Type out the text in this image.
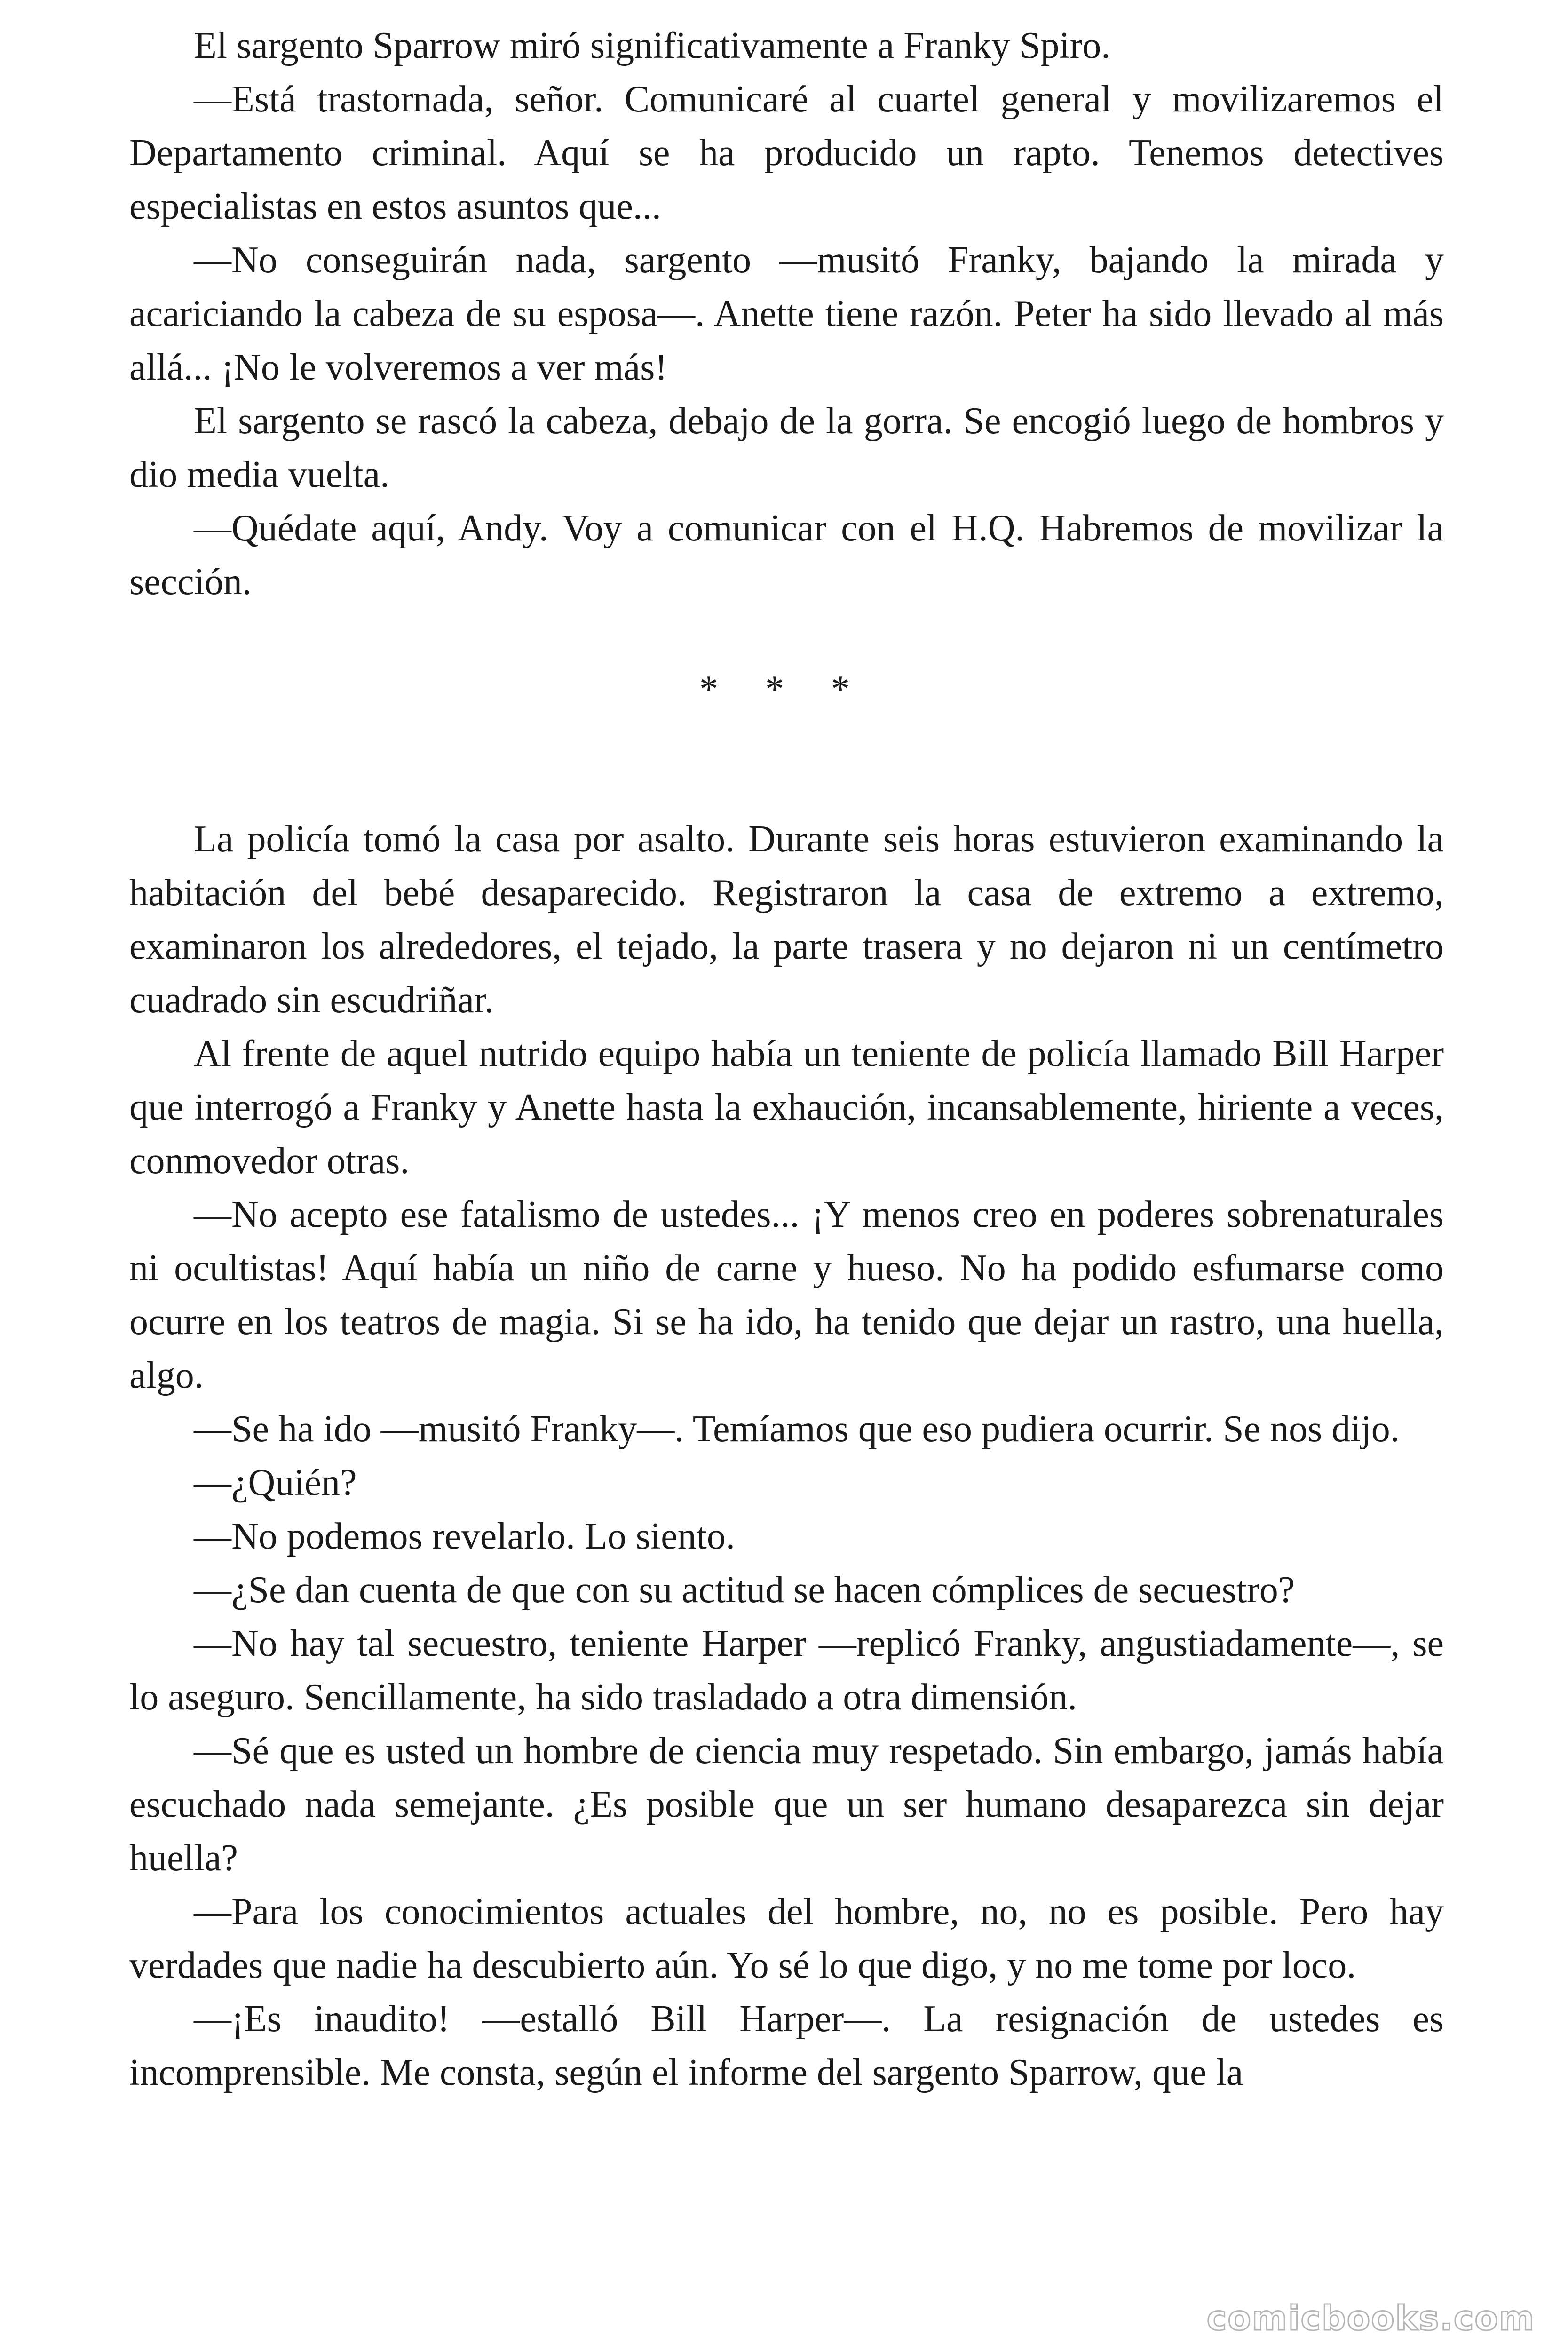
El sargento Sparrow miró significativamente a Franky Spiro.

—Está trastornada, señor. Comunicaré al cuartel general y movilizaremos el Departamento criminal. Aquí se ha producido un rapto. Tenemos detectives especialistas en estos asuntos que...

—No conseguirán nada, sargento —musitó Franky, bajando la mirada y acariciando la cabeza de su esposa—. Anette tiene razón. Peter ha sido llevado al más allá... ¡No le volveremos a ver más!

El sargento se rascó la cabeza, debajo de la gorra. Se encogió luego de hombros y dio media vuelta.

—Quédate aquí, Andy. Voy a comunicar con el H.Q. Habremos de movilizar la sección.

* * *

La policía tomó la casa por asalto. Durante seis horas estuvieron examinando la habitación del bebé desaparecido. Registraron la casa de extremo a extremo, examinaron los alrededores, el tejado, la parte trasera y no dejaron ni un centímetro cuadrado sin escudriñar.

Al frente de aquel nutrido equipo había un teniente de policía llamado Bill Harper que interrogó a Franky y Anette hasta la exhaución, incansablemente, hiriente a veces, conmovedor otras.

—No acepto ese fatalismo de ustedes... ¡Y menos creo en poderes sobrenaturales ni ocultistas! Aquí había un niño de carne y hueso. No ha podido esfumarse como ocurre en los teatros de magia. Si se ha ido, ha tenido que dejar un rastro, una huella, algo.

—Se ha ido —musitó Franky—. Temíamos que eso pudiera ocurrir. Se nos dijo.

—¿Quién?

—No podemos revelarlo. Lo siento.

—¿Se dan cuenta de que con su actitud se hacen cómplices de secuestro?

—No hay tal secuestro, teniente Harper —replicó Franky, angustiadamente—, se lo aseguro. Sencillamente, ha sido trasladado a otra dimensión.

—Sé que es usted un hombre de ciencia muy respetado. Sin embargo, jamás había escuchado nada semejante. ¿Es posible que un ser humano desaparezca sin dejar huella?

—Para los conocimientos actuales del hombre, no, no es posible. Pero hay verdades que nadie ha descubierto aún. Yo sé lo que digo, y no me tome por loco.

—¡Es inaudito! —estalló Bill Harper—. La resignación de ustedes es incomprensible. Me consta, según el informe del sargento Sparrow, que la

comicbooks.com
